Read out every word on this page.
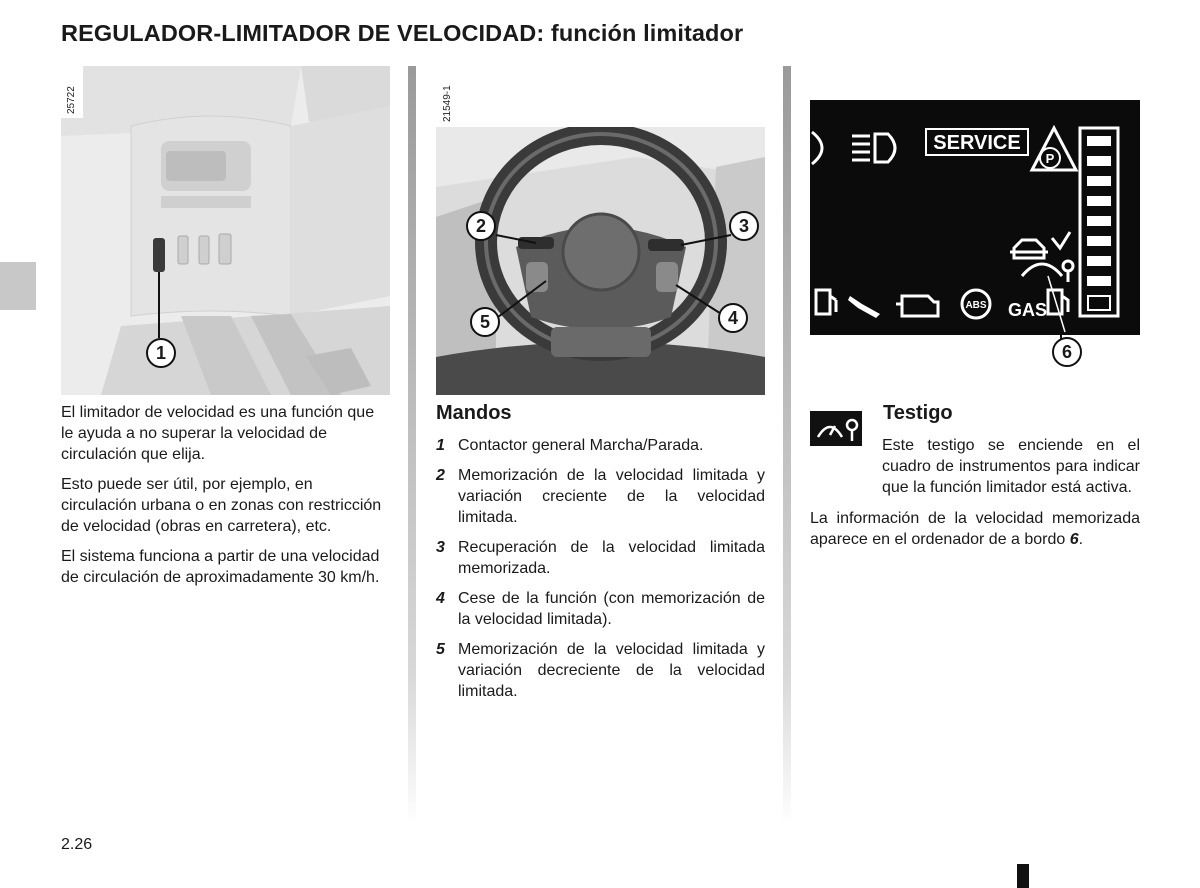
REGULADOR-LIMITADOR DE VELOCIDAD: función limitador
1
25722	21549-1
2	3
4
5
SERVICE
P
ABS GAS
6

El limitador de velocidad es una función que le ayuda a no superar la velocidad de circulación que elija.

Esto puede ser útil, por ejemplo, en circulación urbana o en zonas con restricción de velocidad (obras en carretera), etc.

El sistema funciona a partir de una velocidad de circulación de aproximadamente 30 km/h.

Mandos
1 Contactor general Marcha/Parada.
2 Memorización de la velocidad limitada y variación creciente de la velocidad limitada.
3 Recuperación de la velocidad limitada memorizada.
4 Cese de la función (con memorización de la velocidad limitada).
5 Memorización de la velocidad limitada y variación decreciente de la velocidad limitada.
Testigo

Este testigo se enciende en el cuadro de instrumentos para indicar que la función limitador está activa.

La información de la velocidad memorizada aparece en el ordenador de a bordo 6.

2.26
